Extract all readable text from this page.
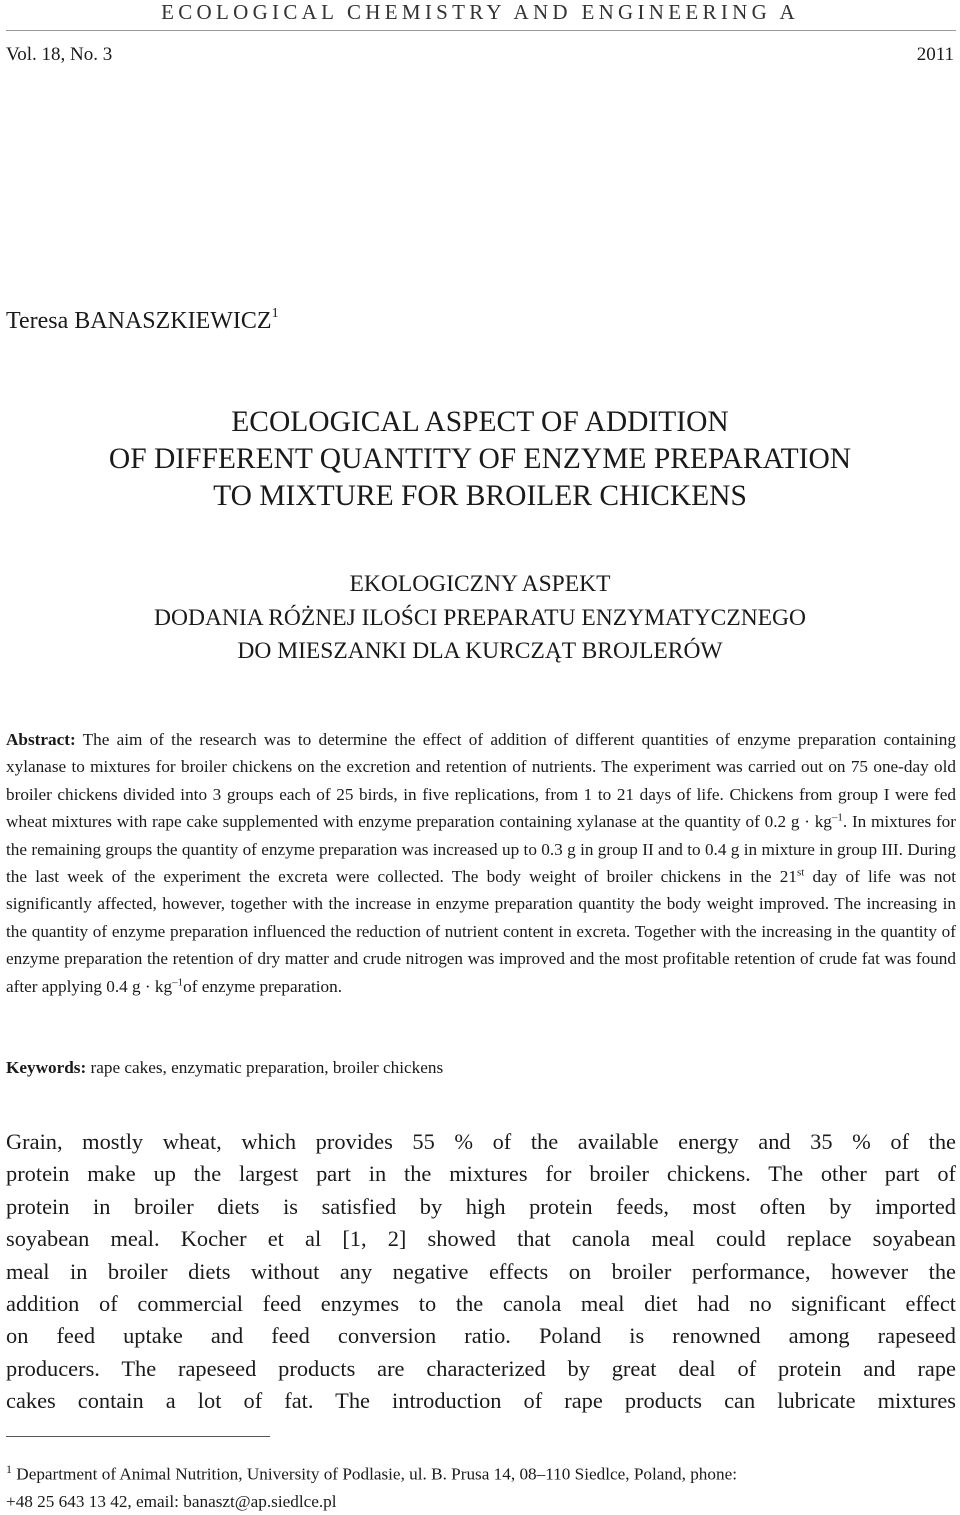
ECOLOGICAL CHEMISTRY AND ENGINEERING A
Vol. 18, No. 3	2011
Teresa BANASZKIEWICZ$^1$
ECOLOGICAL ASPECT OF ADDITION
OF DIFFERENT QUANTITY OF ENZYME PREPARATION
TO MIXTURE FOR BROILER CHICKENS
EKOLOGICZNY ASPEKT
DODANIA RÓŻNEJ ILOŚCI PREPARATU ENZYMATYCZNEGO
DO MIESZANKI DLA KURCZĄT BROJLERÓW
Abstract: The aim of the research was to determine the effect of addition of different quantities of enzyme preparation containing xylanase to mixtures for broiler chickens on the excretion and retention of nutrients. The experiment was carried out on 75 one-day old broiler chickens divided into 3 groups each of 25 birds, in five replications, from 1 to 21 days of life. Chickens from group I were fed wheat mixtures with rape cake supplemented with enzyme preparation containing xylanase at the quantity of 0.2 $g \cdot kg^{-1}$. In mixtures for the remaining groups the quantity of enzyme preparation was increased up to 0.3 g in group II and to 0.4 g in mixture in group III. During the last week of the experiment the excreta were collected. The body weight of broiler chickens in the 21st day of life was not significantly affected, however, together with the increase in enzyme preparation quantity the body weight improved. The increasing in the quantity of enzyme preparation influenced the reduction of nutrient content in excreta. Together with the increasing in the quantity of enzyme preparation the retention of dry matter and crude nitrogen was improved and the most profitable retention of crude fat was found after applying 0.4 $g \cdot kg^{-1}of$ enzyme preparation.
Keywords: rape cakes, enzymatic preparation, broiler chickens
Grain, mostly wheat, which provides 55 % of the available energy and 35 % of the
protein make up the largest part in the mixtures for broiler chickens. The other part of
protein in broiler diets is satisfied by high protein feeds, most often by imported
soyabean meal. Kocher et al [1, 2] showed that canola meal could replace soyabean
meal in broiler diets without any negative effects on broiler performance, however the
addition of commercial feed enzymes to the canola meal diet had no significant effect
on feed uptake and feed conversion ratio. Poland is renowned among rapeseed
producers. The rapeseed products are characterized by great deal of protein and rape
cakes contain a lot of fat. The introduction of rape products can lubricate mixtures
$^1$ Department of Animal Nutrition, University of Podlasie, ul. B. Prusa 14, 08–110 Siedlce, Poland, phone:
+48 25 643 13 42, email: banaszt@ap.siedlce.pl
